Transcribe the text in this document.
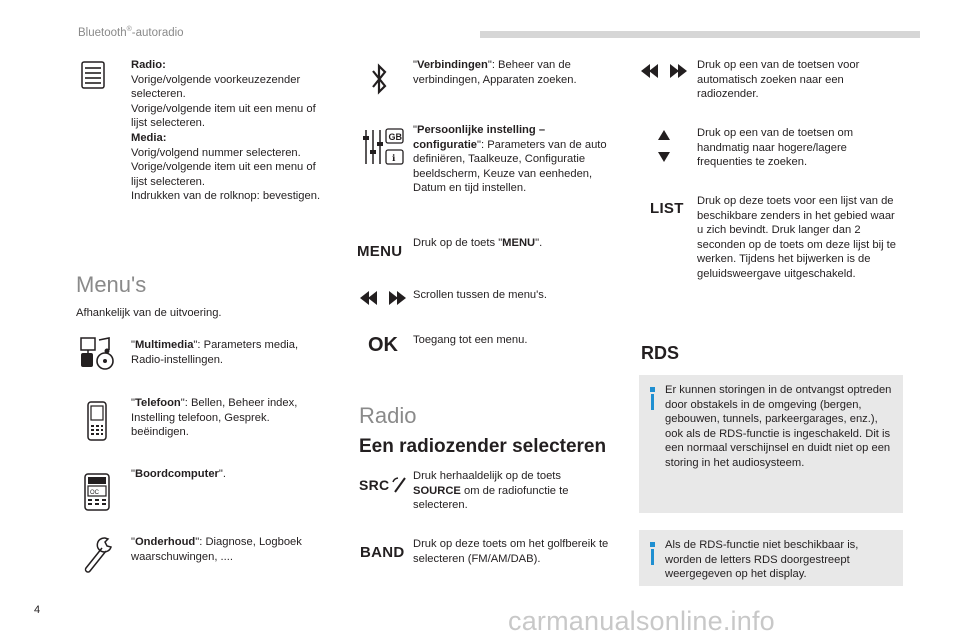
Bluetooth®-autoradio
Radio:
Vorige/volgende voorkeuzezender selecteren.
Vorige/volgende item uit een menu of lijst selecteren.
Media:
Vorig/volgend nummer selecteren.
Vorige/volgende item uit een menu of lijst selecteren.
Indrukken van de rolknop: bevestigen.
Menu's
Afhankelijk van de uitvoering.
"Multimedia": Parameters media, Radio-instellingen.
"Telefoon": Bellen, Beheer index, Instelling telefoon, Gesprek. beëindigen.
OC
"Boordcomputer".
"Onderhoud": Diagnose, Logboek waarschuwingen, ....
"Verbindingen": Beheer van de verbindingen, Apparaten zoeken.
GB
ℹ
"Persoonlijke instelling – configuratie": Parameters van de auto definiëren, Taalkeuze, Configuratie beeldscherm, Keuze van eenheden, Datum en tijd instellen.
MENU Druk op de toets "MENU".
Scrollen tussen de menu's.
OK Toegang tot een menu.
Radio
Een radiozender selecteren
SRC
Druk herhaaldelijk op de toets SOURCE om de radiofunctie te selecteren.
BAND Druk op deze toets om het golfbereik te selecteren (FM/AM/DAB).
Druk op een van de toetsen voor automatisch zoeken naar een radiozender.
Druk op een van de toetsen om handmatig naar hogere/lagere frequenties te zoeken.
LIST Druk op deze toets voor een lijst van de beschikbare zenders in het gebied waar u zich bevindt. Druk langer dan 2 seconden op de toets om deze lijst bij te werken. Tijdens het bijwerken is de geluidsweergave uitgeschakeld.
RDS
Er kunnen storingen in de ontvangst optreden door obstakels in de omgeving (bergen, gebouwen, tunnels, parkeergarages, enz.), ook als de RDS-functie is ingeschakeld. Dit is een normaal verschijnsel en duidt niet op een storing in het audiosysteem.
Als de RDS-functie niet beschikbaar is, worden de letters RDS doorgestreept weergegeven op het display.
4	carmanualsonline.info
